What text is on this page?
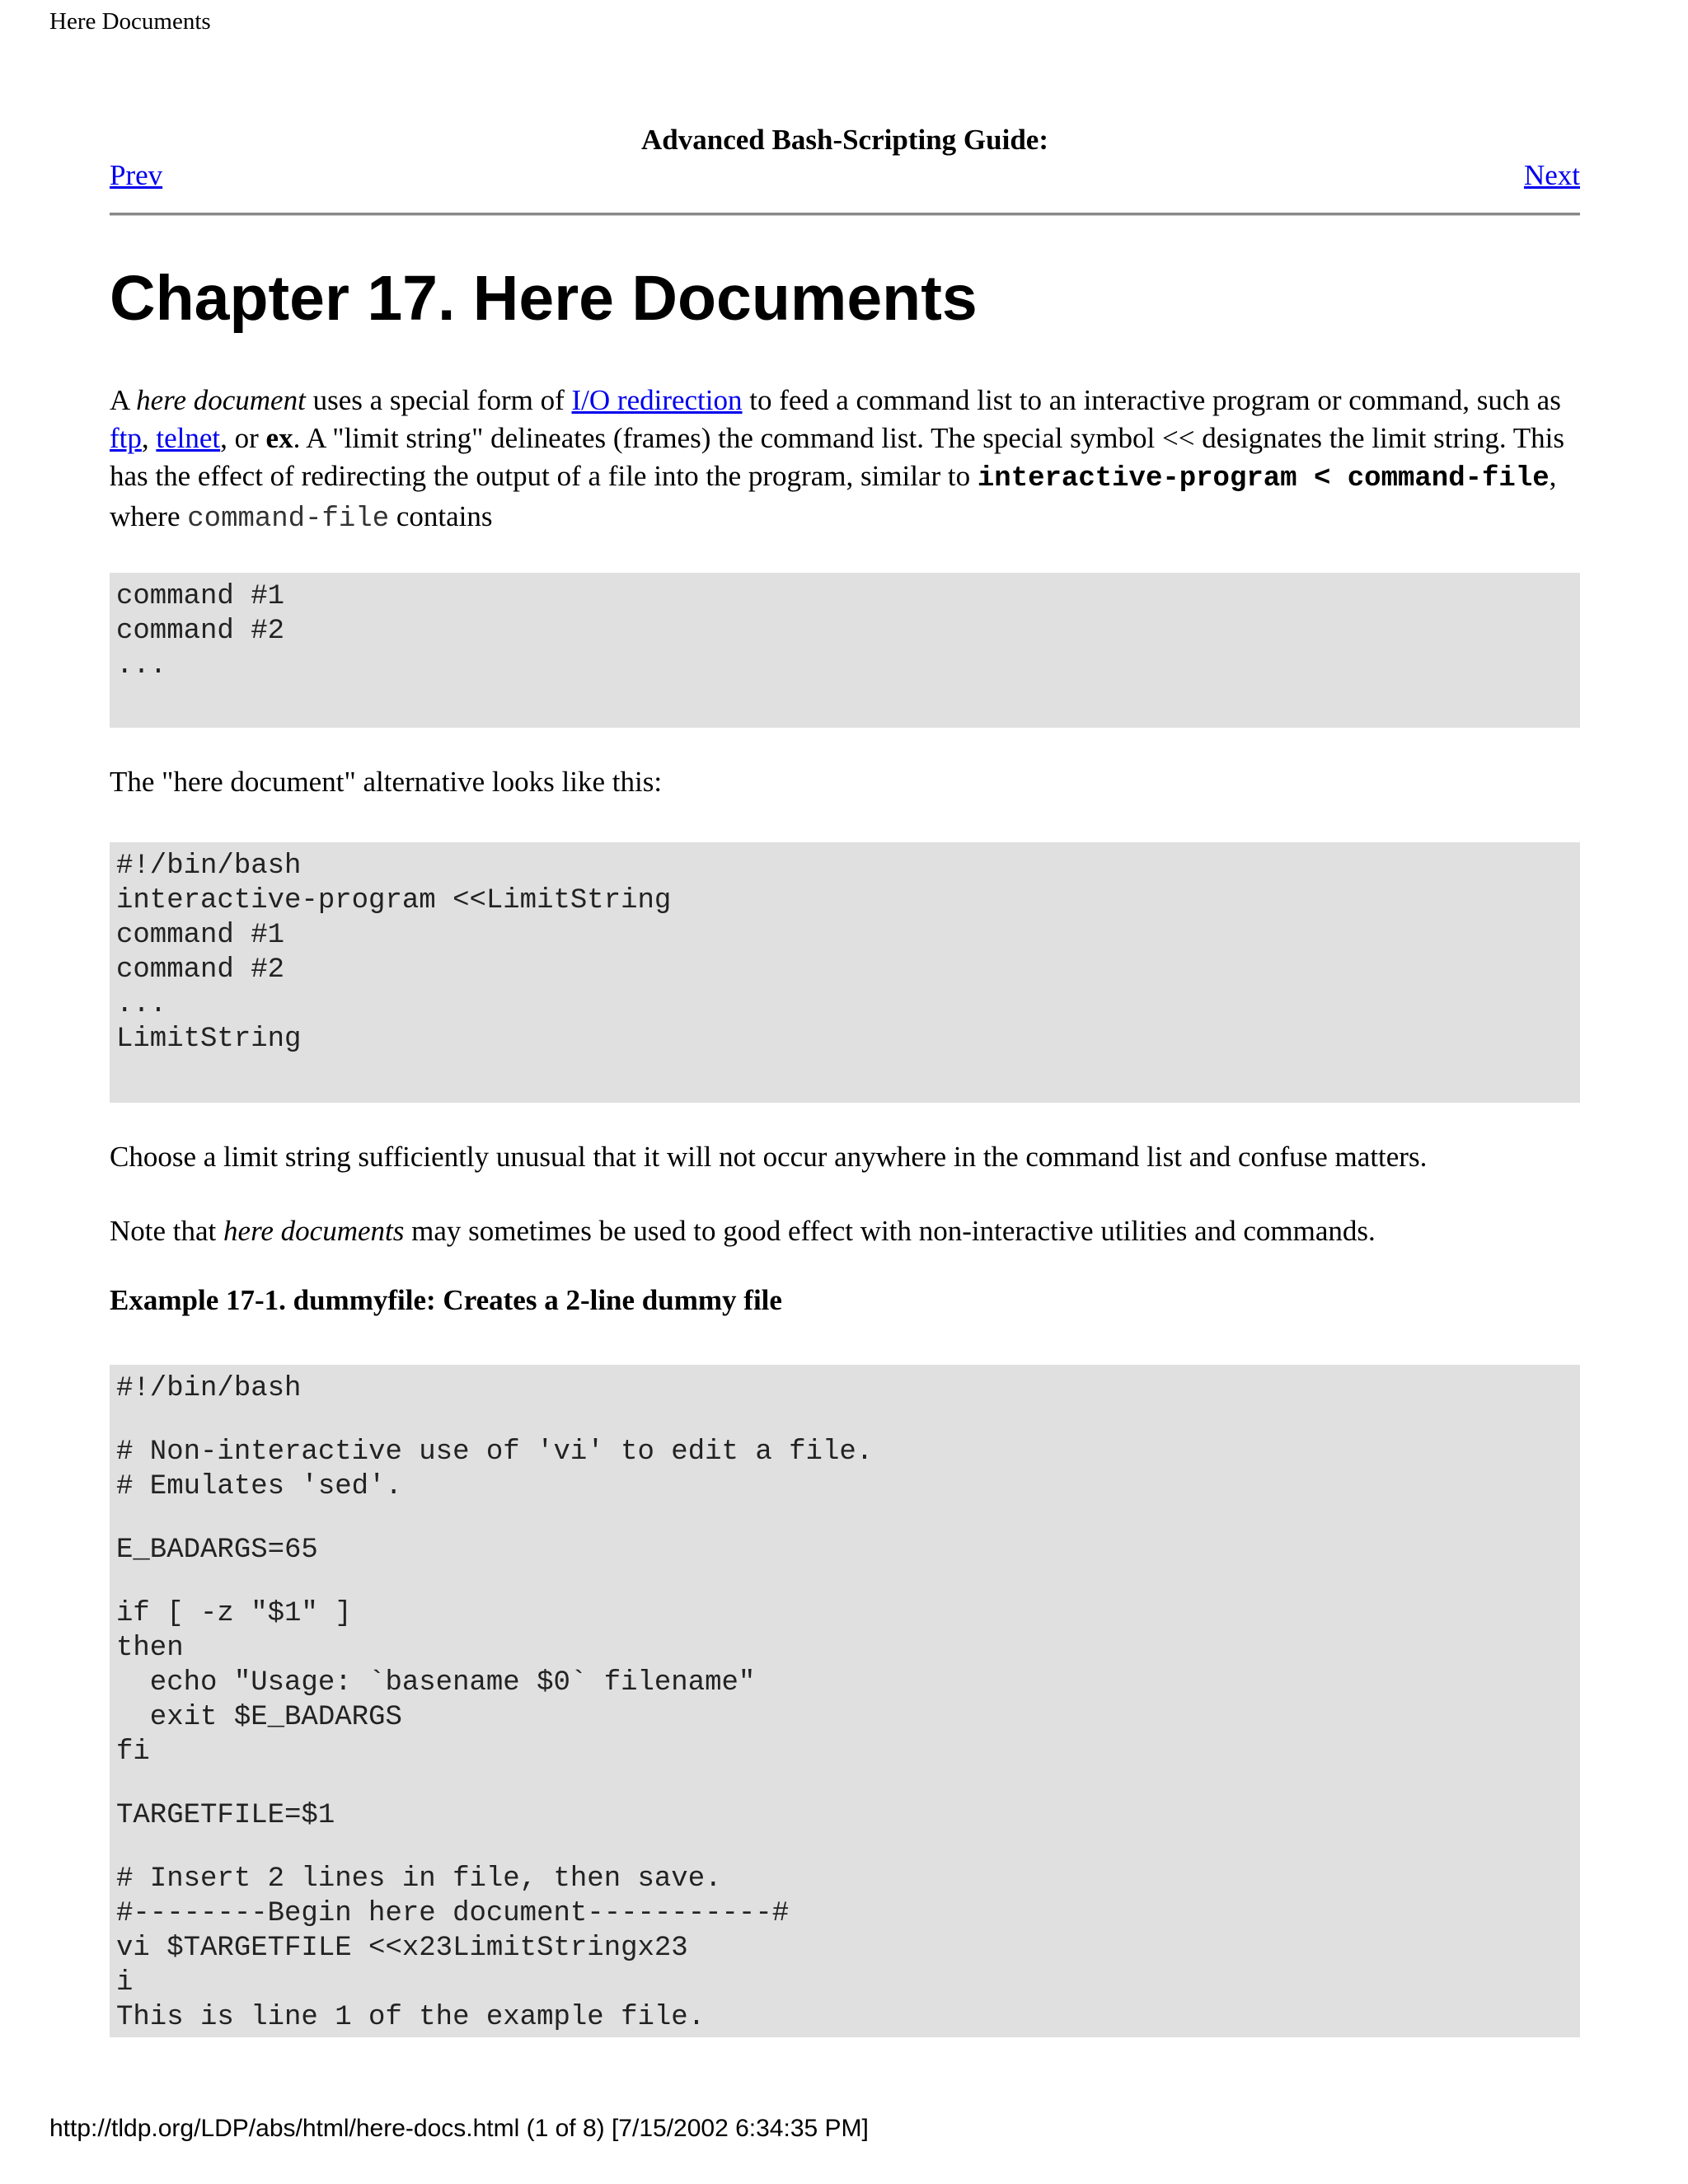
Here Documents
Advanced Bash-Scripting Guide:
Prev	Next
Chapter 17. Here Documents

A here document uses a special form of I/O redirection to feed a command list to an interactive program or command, such as ftp, telnet, or ex. A "limit string" delineates (frames) the command list. The special symbol << designates the limit string. This has the effect of redirecting the output of a file into the program, similar to interactive-program < command-file, where command-file contains

command #1
command #2
...

The "here document" alternative looks like this:

#!/bin/bash
interactive-program <<LimitString
command #1
command #2
...
LimitString

Choose a limit string sufficiently unusual that it will not occur anywhere in the command list and confuse matters.

Note that here documents may sometimes be used to good effect with non-interactive utilities and commands.

Example 17-1. dummyfile: Creates a 2-line dummy file

#!/bin/bash
# Non-interactive use of 'vi' to edit a file.
# Emulates 'sed'.
E_BADARGS=65
if [ -z "$1" ]
then
echo "Usage: `basename $0` filename"
exit $E_BADARGS
fi
TARGETFILE=$1
# Insert 2 lines in file, then save.
#--------Begin here document-----------#
vi $TARGETFILE <<x23LimitStringx23
i
This is line 1 of the example file.
http://tldp.org/LDP/abs/html/here-docs.html (1 of 8) [7/15/2002 6:34:35 PM]
